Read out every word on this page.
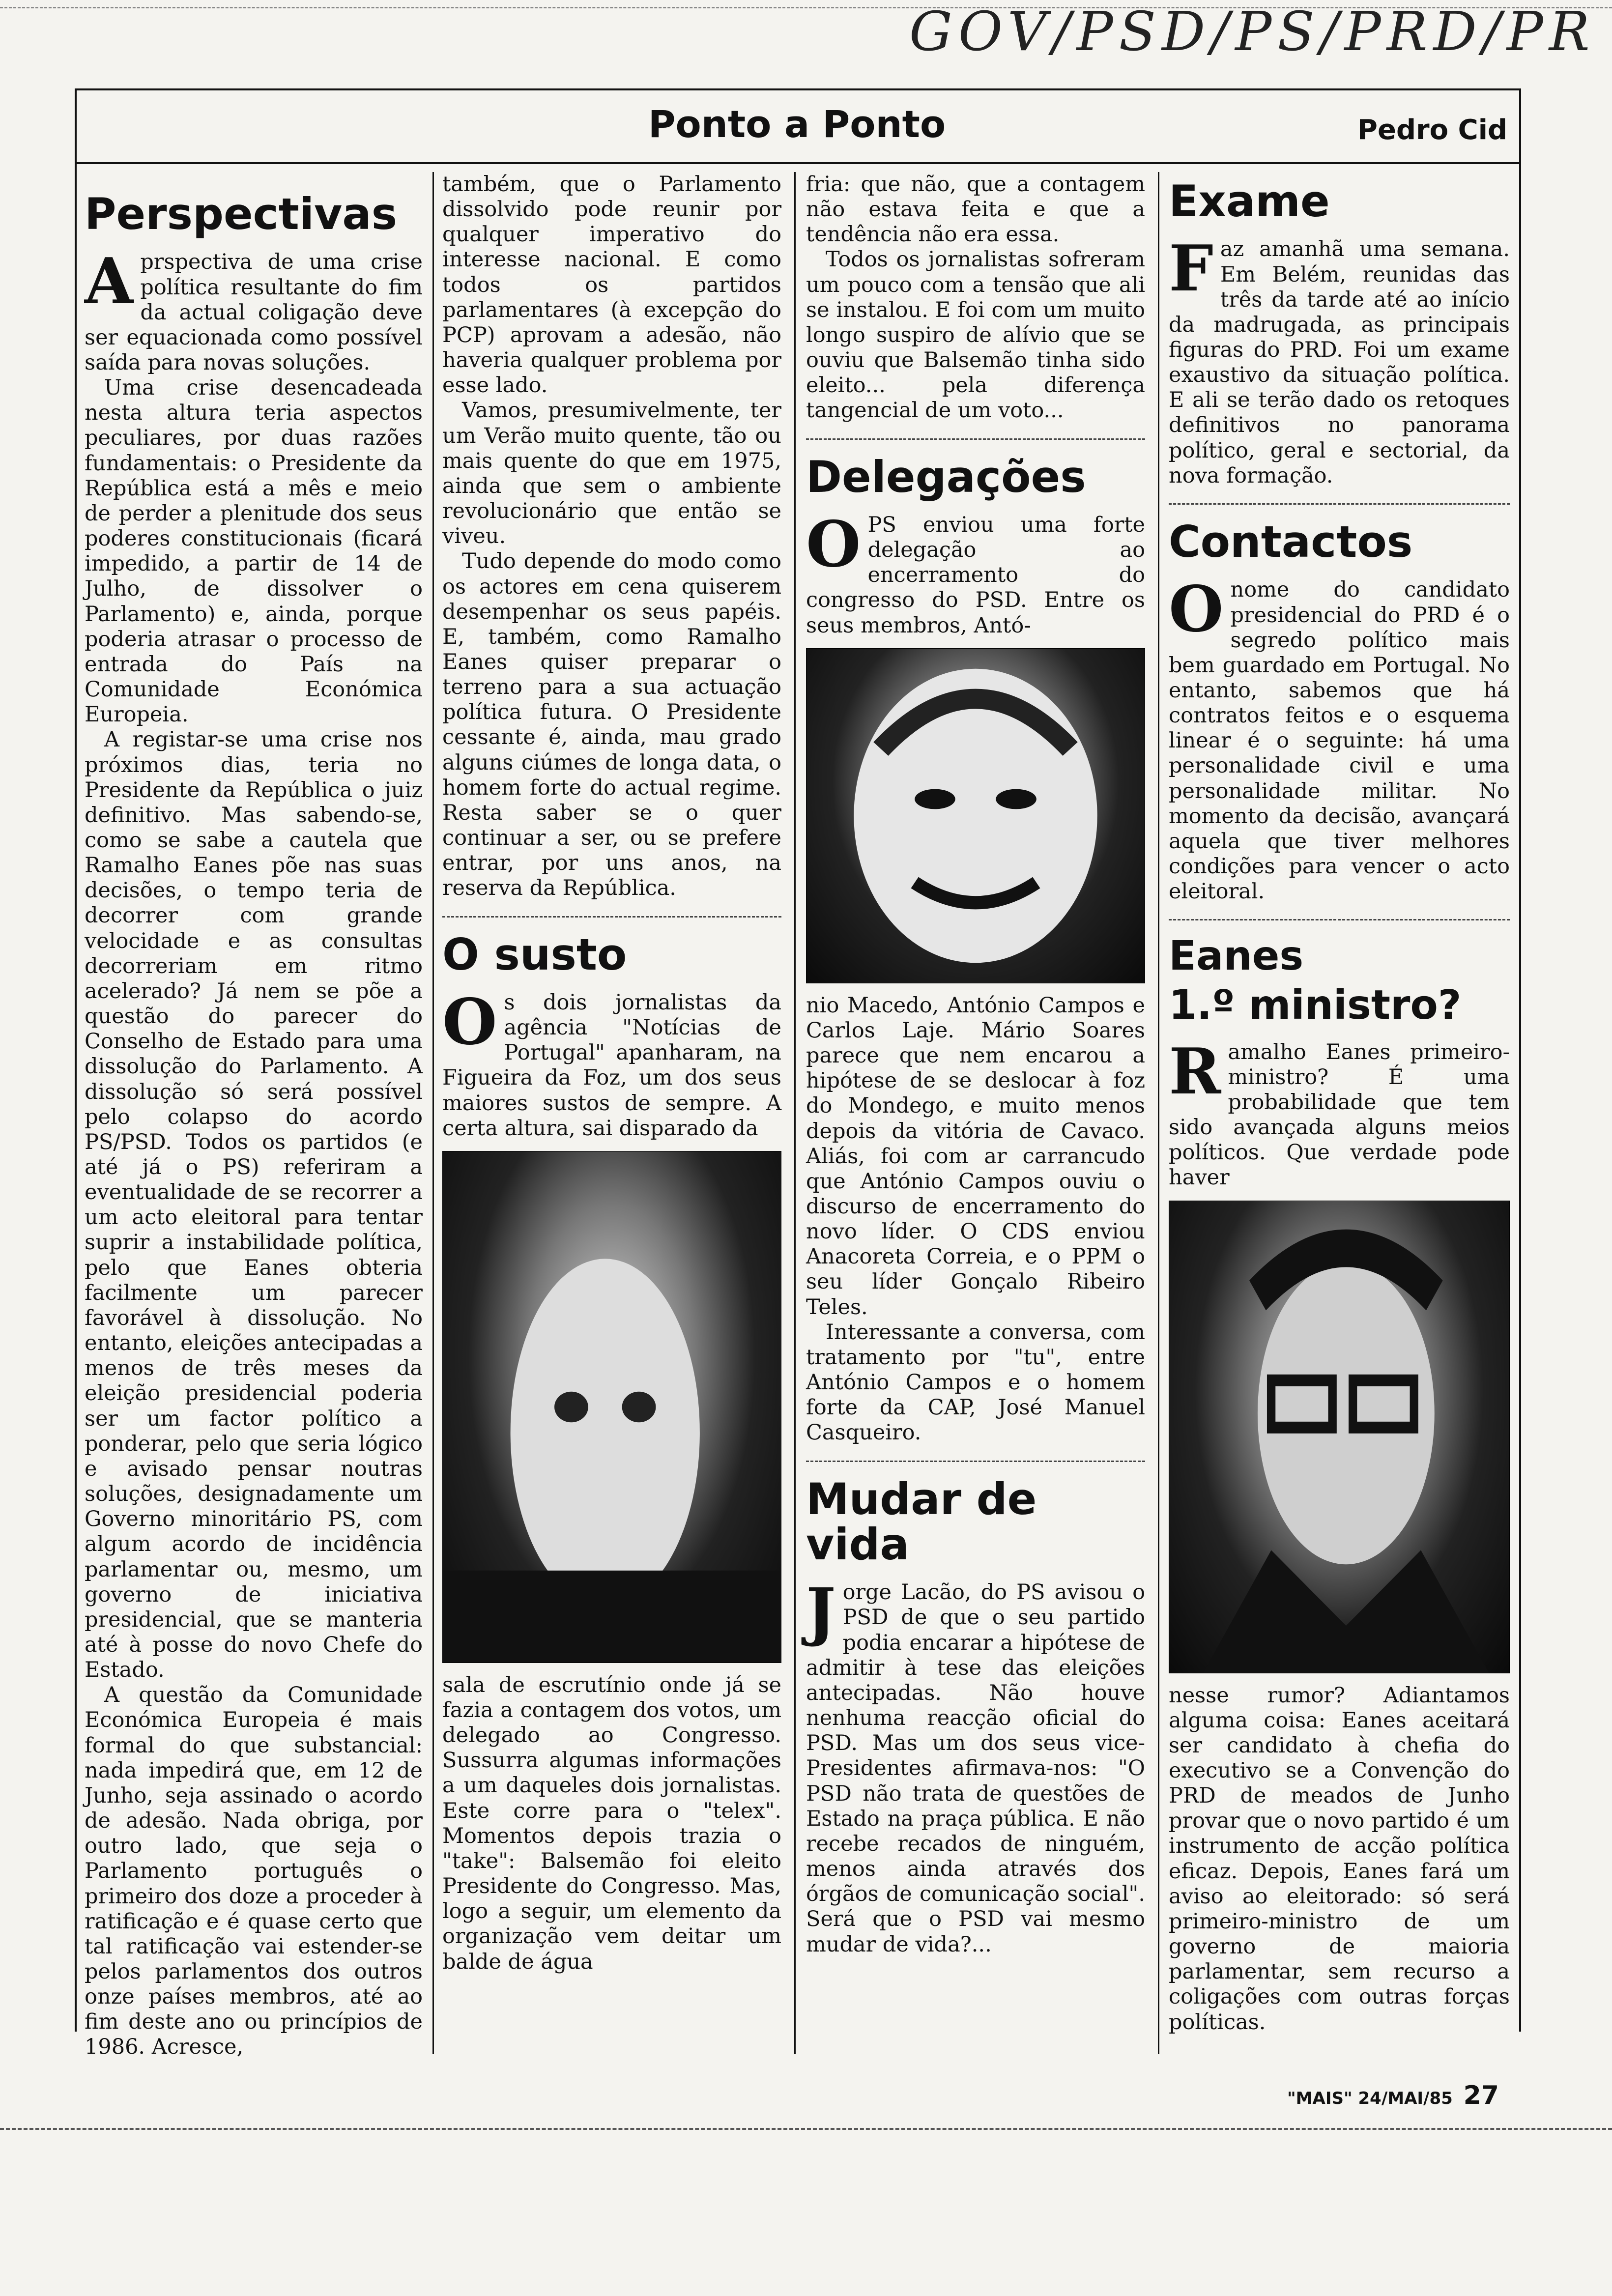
GOV/PSD/PS/PRD/PR
Ponto a Ponto	Pedro Cid
Perspectivas

Aprspectiva de uma crise política resultante do fim da actual coligação deve ser equacionada como possível saída para novas soluções.

Uma crise desencadeada nesta altura teria aspectos peculiares, por duas razões fundamentais: o Presidente da República está a mês e meio de perder a plenitude dos seus poderes constitucionais (ficará impedido, a partir de 14 de Julho, de dissolver o Parlamento) e, ainda, porque poderia atrasar o processo de entrada do País na Comunidade Económica Europeia.

A registar-se uma crise nos próximos dias, teria no Presidente da República o juiz definitivo. Mas sabendo-se, como se sabe a cautela que Ramalho Eanes põe nas suas decisões, o tempo teria de decorrer com grande velocidade e as consultas decorreriam em ritmo acelerado? Já nem se põe a questão do parecer do Conselho de Estado para uma dissolução do Parlamento. A dissolução só será possível pelo colapso do acordo PS/PSD. Todos os partidos (e até já o PS) referiram a eventualidade de se recorrer a um acto eleitoral para tentar suprir a instabilidade política, pelo que Eanes obteria facilmente um parecer favorável à dissolução. No entanto, eleições antecipadas a menos de três meses da eleição presidencial poderia ser um factor político a ponderar, pelo que seria lógico e avisado pensar noutras soluções, designadamente um Governo minoritário PS, com algum acordo de incidência parlamentar ou, mesmo, um governo de iniciativa presidencial, que se manteria até à posse do novo Chefe do Estado.

A questão da Comunidade Económica Europeia é mais formal do que substancial: nada impedirá que, em 12 de Junho, seja assinado o acordo de adesão. Nada obriga, por outro lado, que seja o Parlamento português o primeiro dos doze a proceder à ratificação e é quase certo que tal ratificação vai estender-se pelos parlamentos dos outros onze países membros, até ao fim deste ano ou princípios de 1986. Acresce,

também, que o Parlamento dissolvido pode reunir por qualquer imperativo do interesse nacional. E como todos os partidos parlamentares (à excepção do PCP) aprovam a adesão, não haveria qualquer problema por esse lado.

Vamos, presumivelmente, ter um Verão muito quente, tão ou mais quente do que em 1975, ainda que sem o ambiente revolucionário que então se viveu.

Tudo depende do modo como os actores em cena quiserem desempenhar os seus papéis. E, também, como Ramalho Eanes quiser preparar o terreno para a sua actuação política futura. O Presidente cessante é, ainda, mau grado alguns ciúmes de longa data, o homem forte do actual regime. Resta saber se o quer continuar a ser, ou se prefere entrar, por uns anos, na reserva da República.

O susto

Os dois jornalistas da agência "Notícias de Portugal" apanharam, na Figueira da Foz, um dos seus maiores sustos de sempre. A certa altura, sai disparado da

sala de escrutínio onde já se fazia a contagem dos votos, um delegado ao Congresso. Sussurra algumas informações a um daqueles dois jornalistas. Este corre para o "telex". Momentos depois trazia o "take": Balsemão foi eleito Presidente do Congresso. Mas, logo a seguir, um elemento da organização vem deitar um balde de água

fria: que não, que a contagem não estava feita e que a tendência não era essa.

Todos os jornalistas sofreram um pouco com a tensão que ali se instalou. E foi com um muito longo suspiro de alívio que se ouviu que Balsemão tinha sido eleito... pela diferença tangencial de um voto...

Delegações

OPS enviou uma forte delegação ao encerramento do congresso do PSD. Entre os seus membros, Antó-

nio Macedo, António Campos e Carlos Laje. Mário Soares parece que nem encarou a hipótese de se deslocar à foz do Mondego, e muito menos depois da vitória de Cavaco. Aliás, foi com ar carrancudo que António Campos ouviu o discurso de encerramento do novo líder. O CDS enviou Anacoreta Correia, e o PPM o seu líder Gonçalo Ribeiro Teles.

Interessante a conversa, com tratamento por "tu", entre António Campos e o homem forte da CAP, José Manuel Casqueiro.

Mudar de vida

Jorge Lacão, do PS avisou o PSD de que o seu partido podia encarar a hipótese de admitir à tese das eleições antecipadas. Não houve nenhuma reacção oficial do PSD. Mas um dos seus vice-Presidentes afirmava-nos: "O PSD não trata de questões de Estado na praça pública. E não recebe recados de ninguém, menos ainda através dos órgãos de comunicação social". Será que o PSD vai mesmo mudar de vida?...

Exame

Faz amanhã uma semana. Em Belém, reunidas das três da tarde até ao início da madrugada, as principais figuras do PRD. Foi um exame exaustivo da situação política. E ali se terão dado os retoques definitivos no panorama político, geral e sectorial, da nova formação.

Contactos

Onome do candidato presidencial do PRD é o segredo político mais bem guardado em Portugal. No entanto, sabemos que há contratos feitos e o esquema linear é o seguinte: há uma personalidade civil e uma personalidade militar. No momento da decisão, avançará aquela que tiver melhores condições para vencer o acto eleitoral.

Eanes
1.º ministro?

Ramalho Eanes primeiro-ministro? É uma probabilidade que tem sido avançada alguns meios políticos. Que verdade pode haver

nesse rumor? Adiantamos alguma coisa: Eanes aceitará ser candidato à chefia do executivo se a Convenção do PRD de meados de Junho provar que o novo partido é um instrumento de acção política eficaz. Depois, Eanes fará um aviso ao eleitorado: só será primeiro-ministro de um governo de maioria parlamentar, sem recurso a coligações com outras forças políticas.

"MAIS" 24/MAI/85 27
